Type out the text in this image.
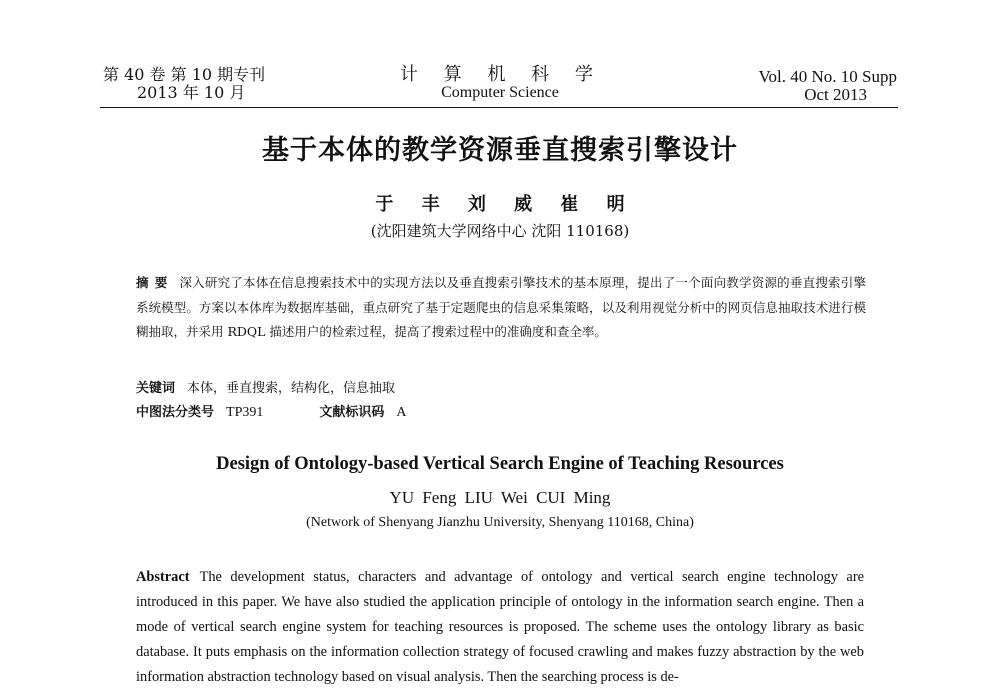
第 40 卷 第 10 期专刊
2013 年 10 月
计 算 机 科 学
Computer Science
Vol. 40 No. 10 Supp
Oct 2013
基于本体的教学资源垂直搜索引擎设计
于 丰 刘 威 崔 明
(沈阳建筑大学网络中心 沈阳 110168)
摘要 深入研究了本体在信息搜索技术中的实现方法以及垂直搜索引擎技术的基本原理，提出了一个面向教学资源的垂直搜索引擎系统模型。方案以本体库为数据库基础，重点研究了基于定题爬虫的信息采集策略，以及利用视觉分析中的网页信息抽取技术进行模糊抽取，并采用 RDQL 描述用户的检索过程，提高了搜索过程中的准确度和查全率。
关键词 本体，垂直搜索，结构化，信息抽取
中图法分类号 TP391	文献标识码 A
Design of Ontology-based Vertical Search Engine of Teaching Resources
YU Feng LIU Wei CUI Ming
(Network of Shenyang Jianzhu University, Shenyang 110168, China)
Abstract The development status, characters and advantage of ontology and vertical search engine technology are introduced in this paper. We have also studied the application principle of ontology in the information search engine. Then a mode of vertical search engine system for teaching resources is proposed. The scheme uses the ontology library as basic database. It puts emphasis on the information collection strategy of focused crawling and makes fuzzy abstraction by the web information abstraction technology based on visual analysis. Then the searching process is de-
